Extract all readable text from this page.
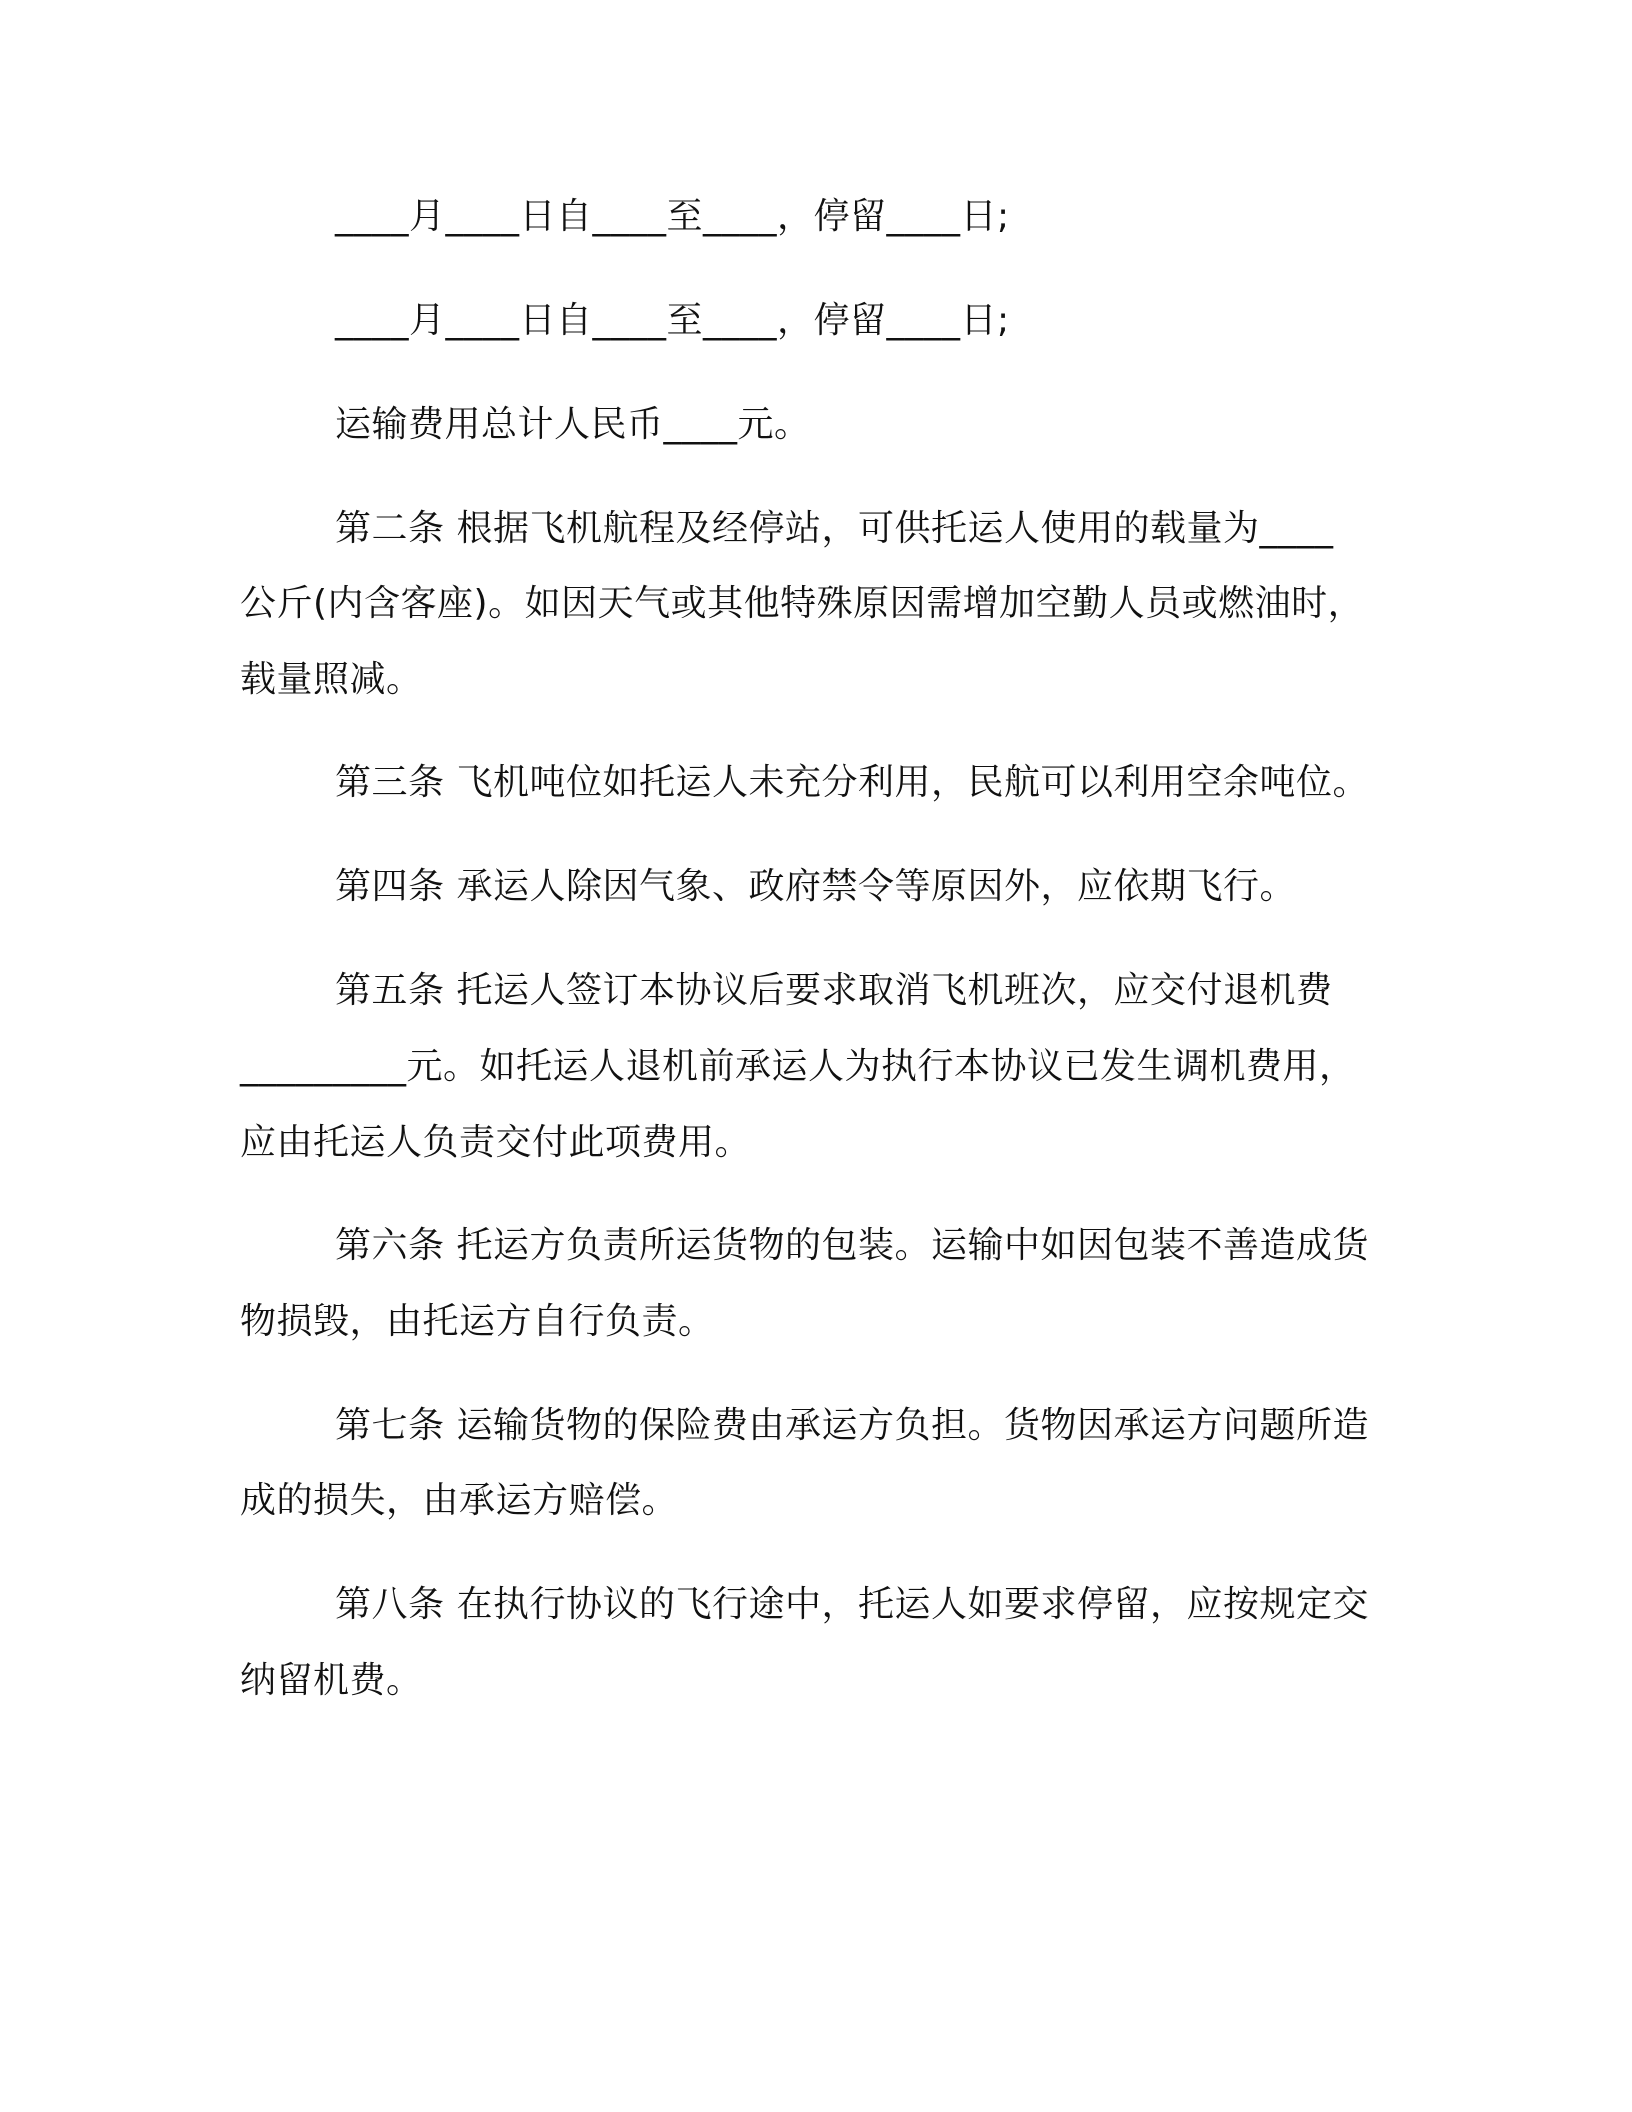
____月____日自____至____，停留____日;
____月____日自____至____，停留____日;
运输费用总计人民币____元。
第二条 根据飞机航程及经停站，可供托运人使用的载量为____
公斤(内含客座)。如因天气或其他特殊原因需增加空勤人员或燃油时，
载量照减。
第三条 飞机吨位如托运人未充分利用，民航可以利用空余吨位。
第四条 承运人除因气象、政府禁令等原因外，应依期飞行。
第五条 托运人签订本协议后要求取消飞机班次，应交付退机费
_________元。如托运人退机前承运人为执行本协议已发生调机费用，
应由托运人负责交付此项费用。
第六条 托运方负责所运货物的包装。运输中如因包装不善造成货
物损毁，由托运方自行负责。
第七条 运输货物的保险费由承运方负担。货物因承运方问题所造
成的损失，由承运方赔偿。
第八条 在执行协议的飞行途中，托运人如要求停留，应按规定交
纳留机费。
